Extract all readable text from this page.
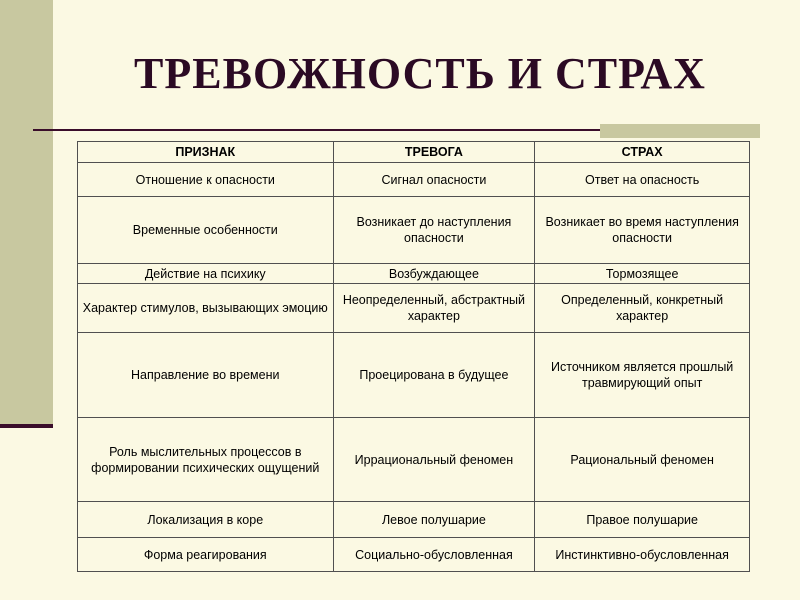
ТРЕВОЖНОСТЬ И СТРАХ
ПРИЗНАК	ТРЕВОГА	СТРАХ
Отношение к опасности	Сигнал опасности	Ответ на опасность
Временные особенности	Возникает до наступления опасности	Возникает во время наступления опасности
Действие на психику	Возбуждающее	Тормозящее
Характер стимулов, вызывающих эмоцию	Неопределенный, абстрактный характер	Определенный, конкретный характер
Направление во времени	Проецирована в будущее	Источником является прошлый травмирующий опыт
Роль мыслительных процессов в формировании психических ощущений	Иррациональный феномен	Рациональный феномен
Локализация в коре	Левое полушарие	Правое полушарие
Форма реагирования	Социально-обусловленная	Инстинктивно-обусловленная
